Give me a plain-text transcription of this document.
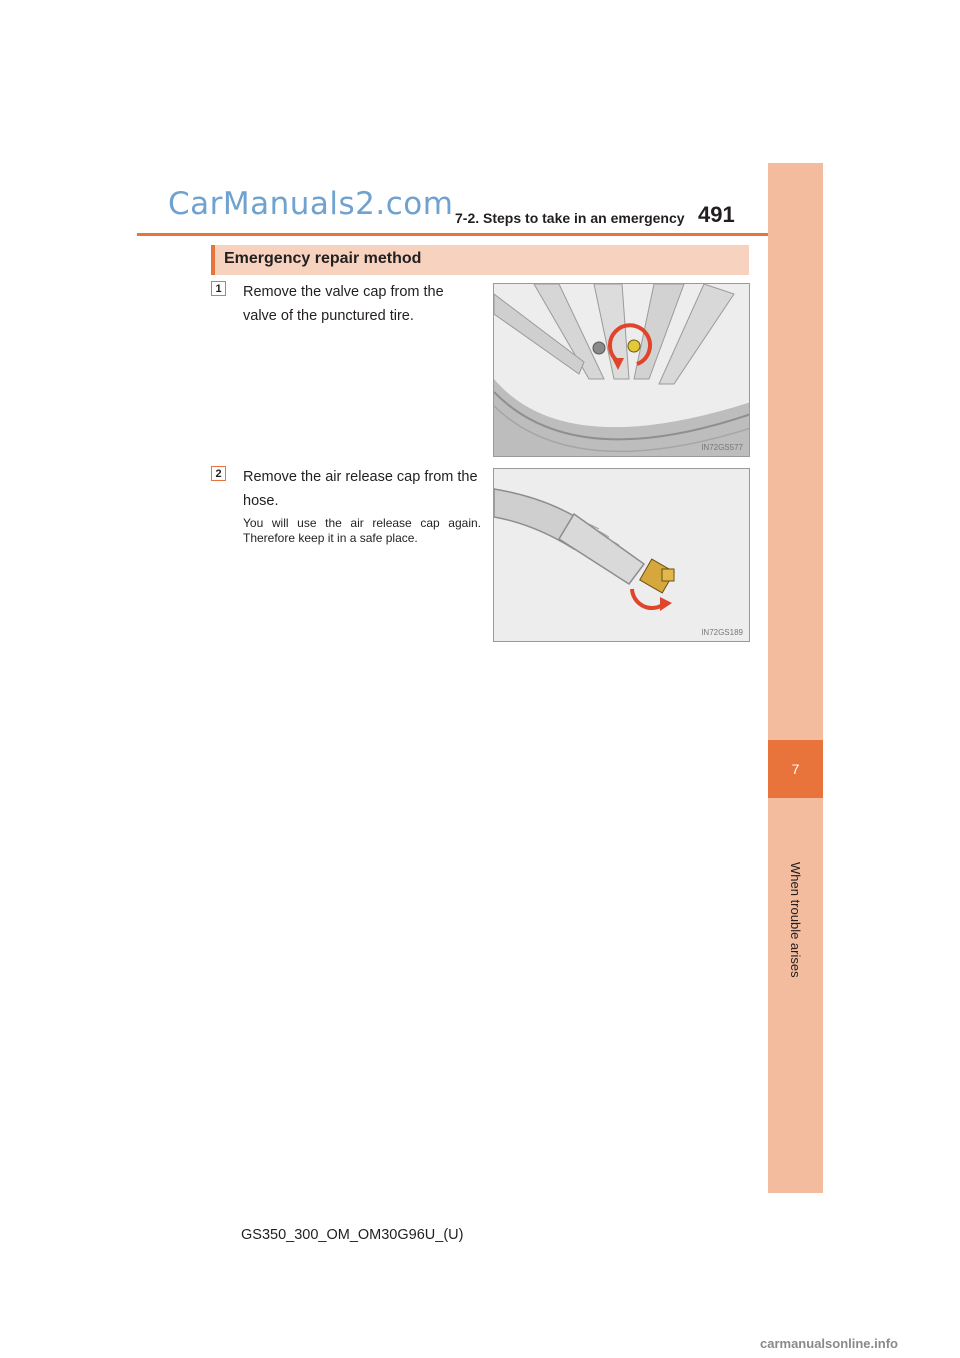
CarManuals2.com 7-2. Steps to take in an emergency 491
7
When trouble arises
Emergency repair method
1	Remove the valve cap from the valve of the punctured tire.
IN72GS577
2	Remove the air release cap from the hose.
You will use the air release cap again. Therefore keep it in a safe place.
IN72GS189
GS350_300_OM_OM30G96U_(U)
carmanualsonline.info
